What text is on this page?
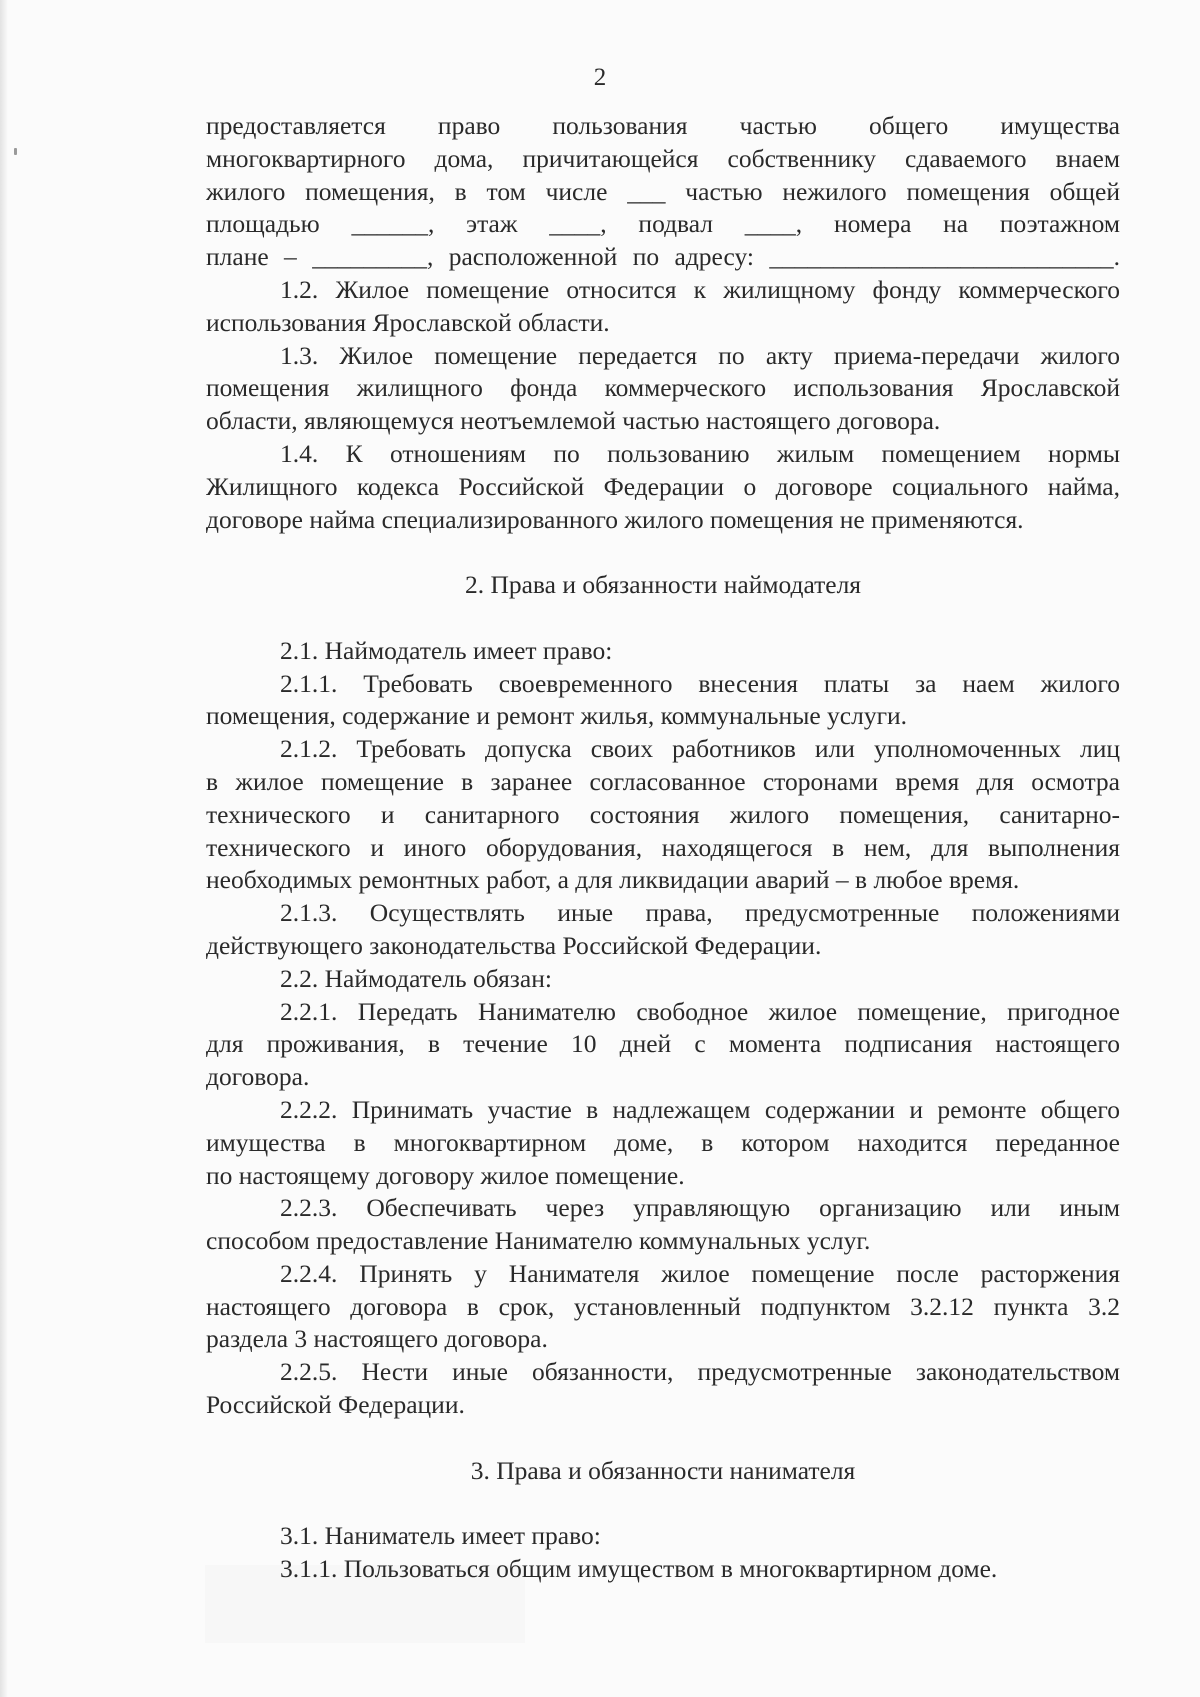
2
предоставляется право пользования частью общего имущества
многоквартирного дома, причитающейся собственнику сдаваемого внаем
жилого помещения, в том числе ___ частью нежилого помещения общей
площадью ______, этаж ____, подвал ____, номера на поэтажном
плане – _________, расположенной по адресу: ___________________________.
1.2. Жилое помещение относится к жилищному фонду коммерческого
использования Ярославской области.
1.3. Жилое помещение передается по акту приема-передачи жилого
помещения жилищного фонда коммерческого использования Ярославской
области, являющемуся неотъемлемой частью настоящего договора.
1.4. К отношениям по пользованию жилым помещением нормы
Жилищного кодекса Российской Федерации о договоре социального найма,
договоре найма специализированного жилого помещения не применяются.
2. Права и обязанности наймодателя
2.1. Наймодатель имеет право:
2.1.1. Требовать своевременного внесения платы за наем жилого
помещения, содержание и ремонт жилья, коммунальные услуги.
2.1.2. Требовать допуска своих работников или уполномоченных лиц
в жилое помещение в заранее согласованное сторонами время для осмотра
технического и санитарного состояния жилого помещения, санитарно-
технического и иного оборудования, находящегося в нем, для выполнения
необходимых ремонтных работ, а для ликвидации аварий – в любое время.
2.1.3. Осуществлять иные права, предусмотренные положениями
действующего законодательства Российской Федерации.
2.2. Наймодатель обязан:
2.2.1. Передать Нанимателю свободное жилое помещение, пригодное
для проживания, в течение 10 дней с момента подписания настоящего
договора.
2.2.2. Принимать участие в надлежащем содержании и ремонте общего
имущества в многоквартирном доме, в котором находится переданное
по настоящему договору жилое помещение.
2.2.3. Обеспечивать через управляющую организацию или иным
способом предоставление Нанимателю коммунальных услуг.
2.2.4. Принять у Нанимателя жилое помещение после расторжения
настоящего договора в срок, установленный подпунктом 3.2.12 пункта 3.2
раздела 3 настоящего договора.
2.2.5. Нести иные обязанности, предусмотренные законодательством
Российской Федерации.
3. Права и обязанности нанимателя
3.1. Наниматель имеет право:
3.1.1. Пользоваться общим имуществом в многоквартирном доме.
